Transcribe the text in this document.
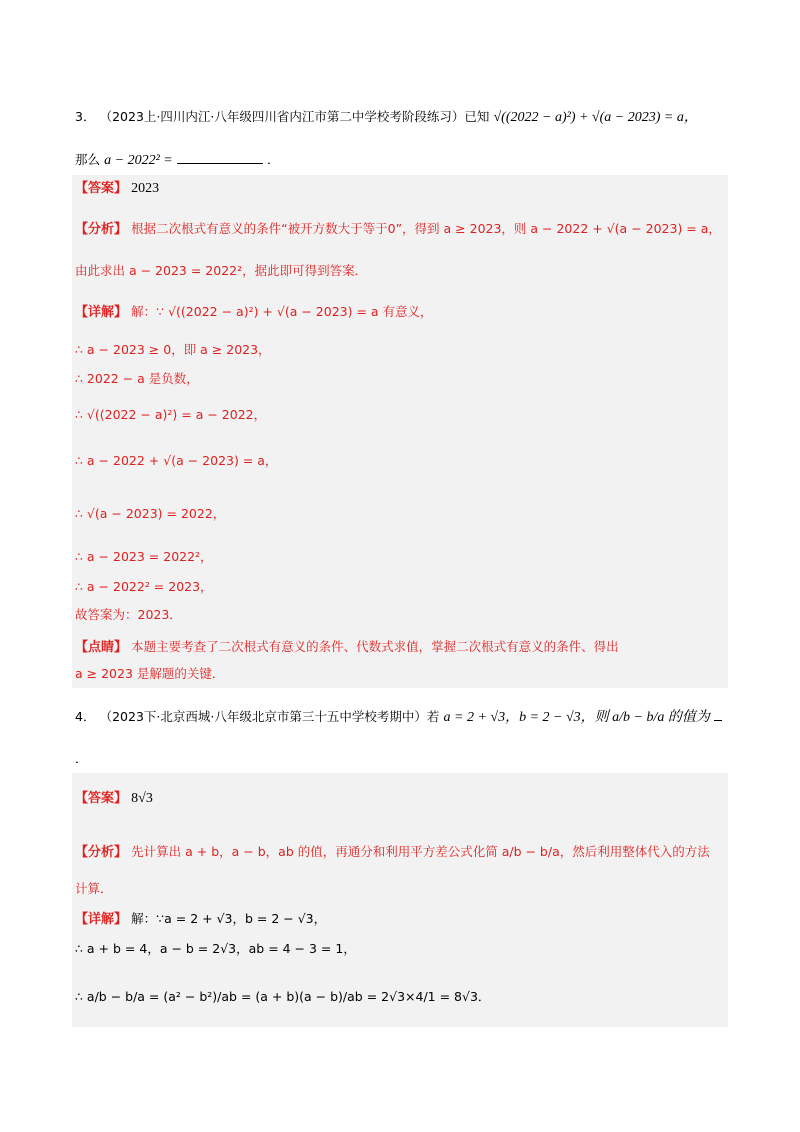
3． （2023上·四川内江·八年级四川省内江市第二中学校考阶段练习）已知 √((2022 − a)²) + √(a − 2023) = a，
那么 a − 2022² =	．
【答案】 2023
【分析】 根据二次根式有意义的条件“被开方数大于等于0”，得到 a ≥ 2023，则 a − 2022 + √(a − 2023) = a，
由此求出 a − 2023 = 2022²，据此即可得到答案．
【详解】 解：∵ √((2022 − a)²) + √(a − 2023) = a 有意义，
∴ a − 2023 ≥ 0，即 a ≥ 2023，
∴ 2022 − a 是负数，
∴ √((2022 − a)²) = a − 2022，
∴ a − 2022 + √(a − 2023) = a，
∴ √(a − 2023) = 2022，
∴ a − 2023 = 2022²，
∴ a − 2022² = 2023，
故答案为：2023．
【点睛】 本题主要考查了二次根式有意义的条件、代数式求值，掌握二次根式有意义的条件、得出
a ≥ 2023 是解题的关键．
4． （2023下·北京西城·八年级北京市第三十五中学校考期中）若 a = 2 + √3，b = 2 − √3，则 a/b − b/a 的值为
．
【答案】 8√3
【分析】 先计算出 a + b，a − b，ab 的值，再通分和利用平方差公式化简 a/b − b/a，然后利用整体代入的方法
计算．
【详解】 解：∵a = 2 + √3，b = 2 − √3，
∴ a + b = 4，a − b = 2√3，ab = 4 − 3 = 1，
∴ a/b − b/a = (a² − b²)/ab = (a + b)(a − b)/ab = 2√3×4/1 = 8√3．
